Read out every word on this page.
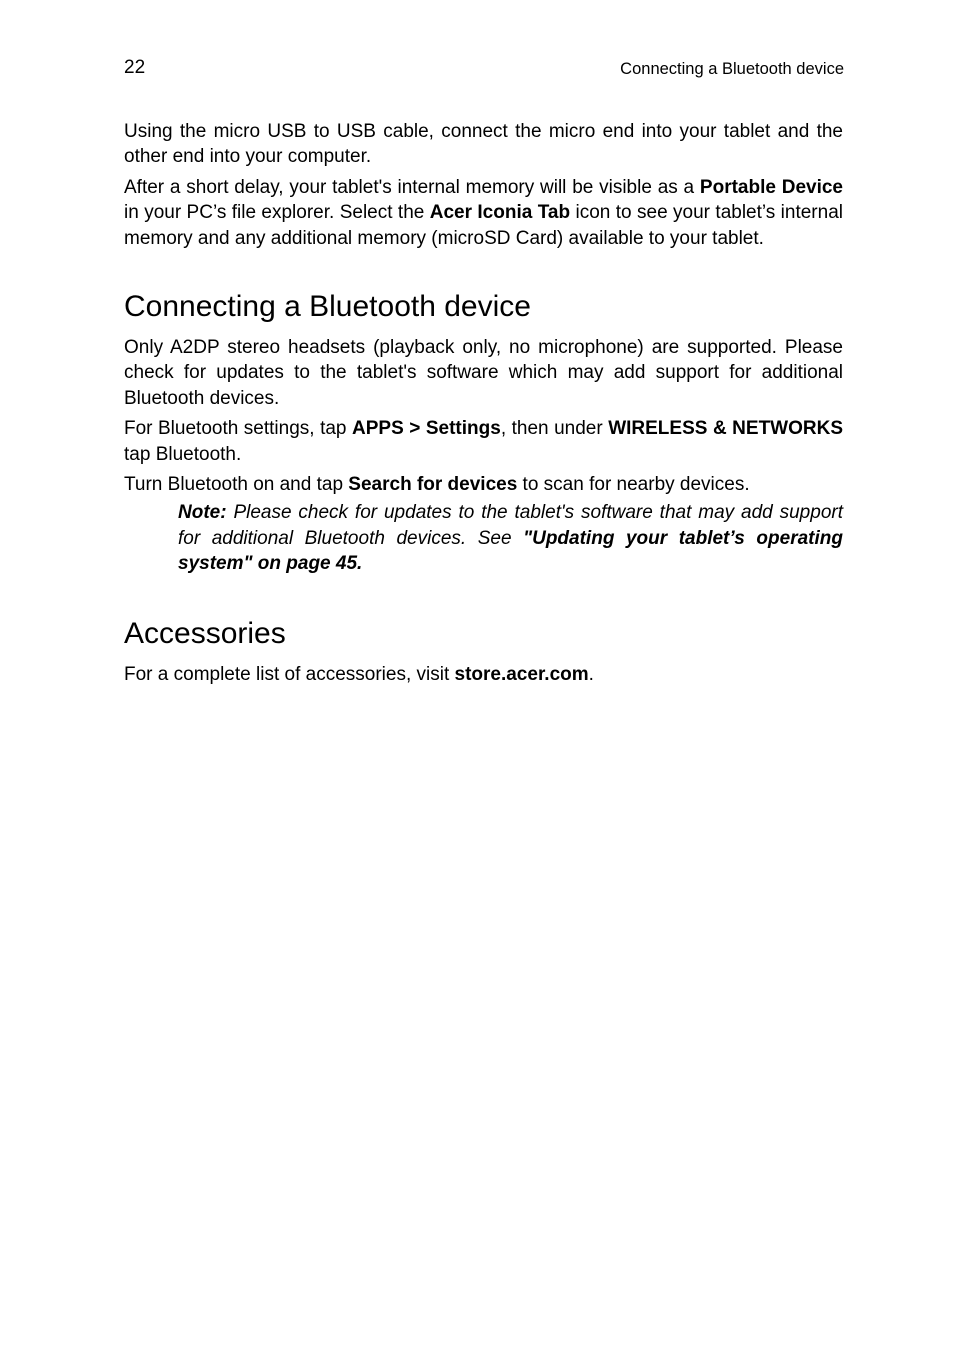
22	Connecting a Bluetooth device

Using the micro USB to USB cable, connect the micro end into your tablet and the other end into your computer.

After a short delay, your tablet's internal memory will be visible as a Portable Device in your PC’s file explorer. Select the Acer Iconia Tab icon to see your tablet’s internal memory and any additional memory (microSD Card) available to your tablet.

Connecting a Bluetooth device

Only A2DP stereo headsets (playback only, no microphone) are supported. Please check for updates to the tablet's software which may add support for additional Bluetooth devices.

For Bluetooth settings, tap APPS > Settings, then under WIRELESS & NETWORKS tap Bluetooth.

Turn Bluetooth on and tap Search for devices to scan for nearby devices.

Note: Please check for updates to the tablet's software that may add support for additional Bluetooth devices. See "Updating your tablet’s operating system" on page 45.

Accessories

For a complete list of accessories, visit store.acer.com.
